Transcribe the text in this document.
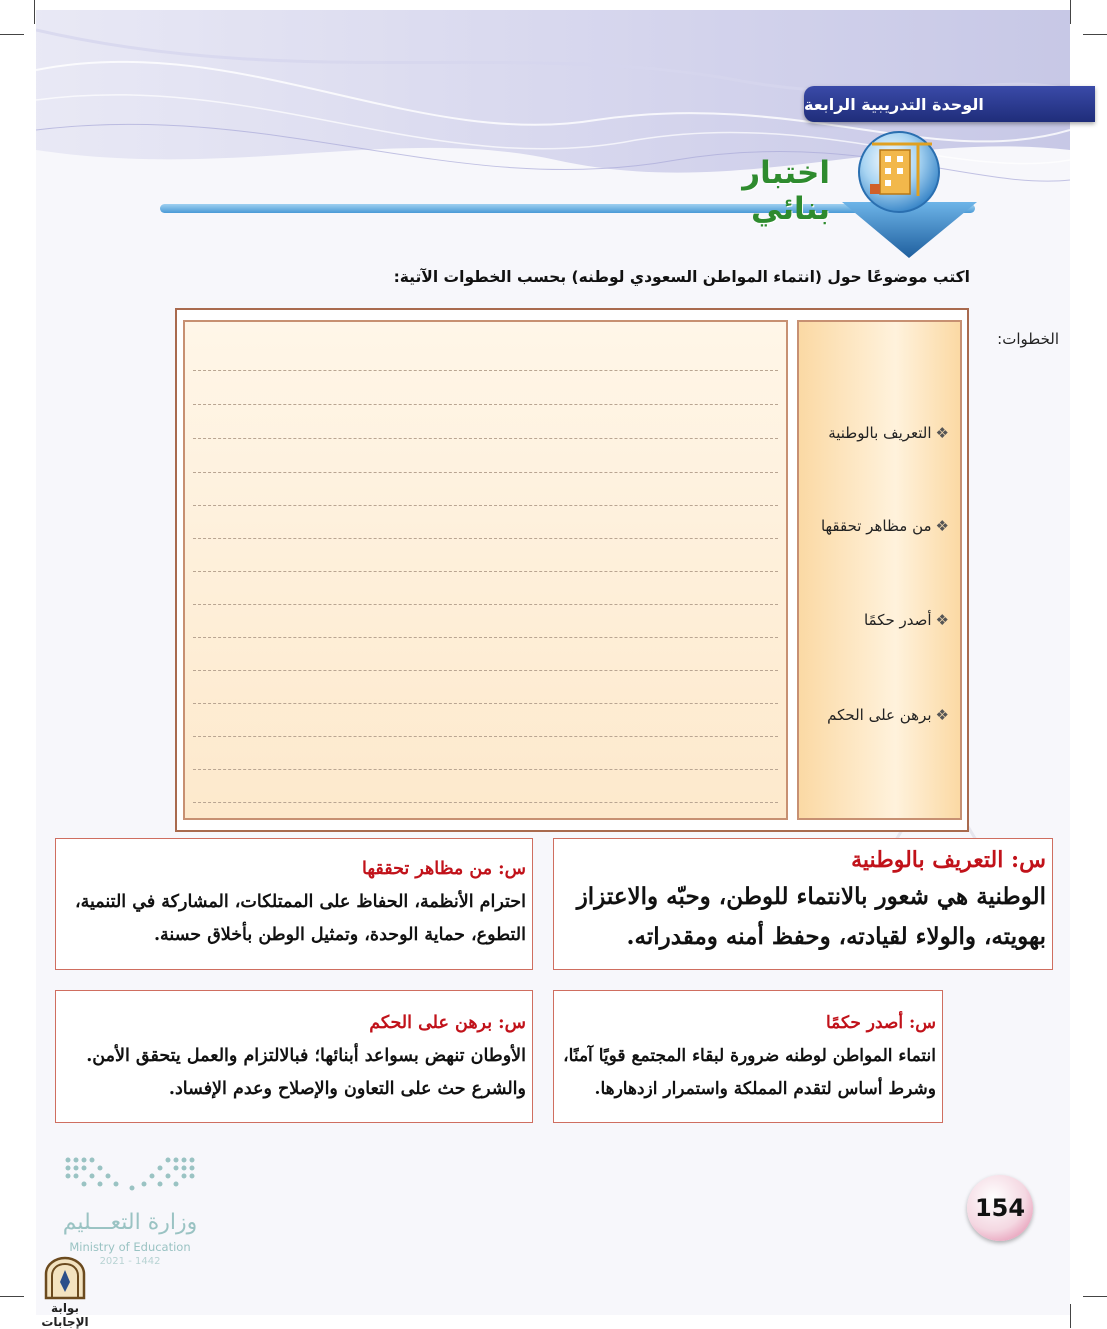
الوحدة التدريبية الرابعة
اختبار بنائي
اكتب موضوعًا حول (انتماء المواطن السعودي لوطنه) بحسب الخطوات الآتية:
الخطوات:
❖التعريف بالوطنية
❖من مظاهر تحققها
❖أصدر حكمًا
❖برهن على الحكم
س: التعريف بالوطنية
الوطنية هي شعور بالانتماء للوطن، وحبّه والاعتزاز بهويته، والولاء لقيادته، وحفظ أمنه ومقدراته.
س: من مظاهر تحققها
احترام الأنظمة، الحفاظ على الممتلكات، المشاركة في التنمية، التطوع، حماية الوحدة، وتمثيل الوطن بأخلاق حسنة.
س: أصدر حكمًا
انتماء المواطن لوطنه ضرورة لبقاء المجتمع قويًا آمنًا، وشرط أساس لتقدم المملكة واستمرار ازدهارها.
س: برهن على الحكم
الأوطان تنهض بسواعد أبنائها؛ فبالالتزام والعمل يتحقق الأمن. والشرع حث على التعاون والإصلاح وعدم الإفساد.
154
وزارة التعـــليم
Ministry of Education
2021 - 1442
بوابة الإجابات
